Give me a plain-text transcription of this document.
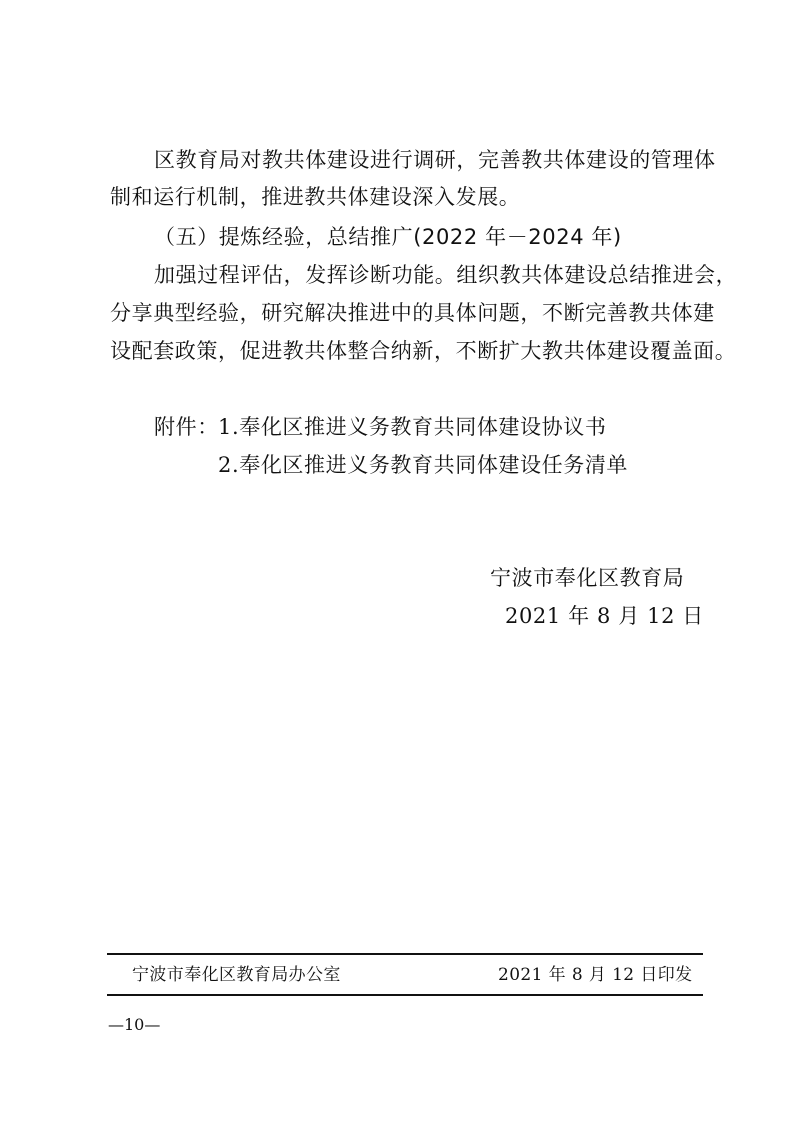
区教育局对教共体建设进行调研，完善教共体建设的管理体
制和运行机制，推进教共体建设深入发展。
（五）提炼经验，总结推广(2022 年－2024 年)
加强过程评估，发挥诊断功能。组织教共体建设总结推进会，
分享典型经验，研究解决推进中的具体问题，不断完善教共体建
设配套政策，促进教共体整合纳新，不断扩大教共体建设覆盖面。
附件： 1.奉化区推进义务教育共同体建设协议书
2.奉化区推进义务教育共同体建设任务清单
宁波市奉化区教育局
2021 年 8 月 12 日
宁波市奉化区教育局办公室	2021 年 8 月 12 日印发
—10—
